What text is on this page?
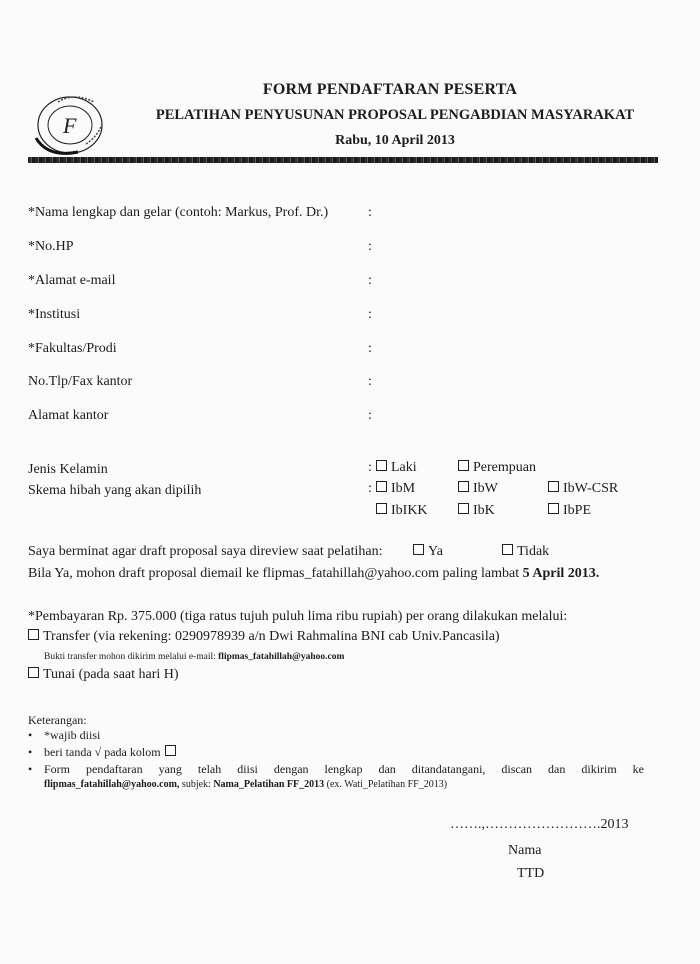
F
FORM PENDAFTARAN PESERTA
PELATIHAN PENYUSUNAN PROPOSAL PENGABDIAN MASYARAKAT
Rabu, 10 April 2013
*Nama lengkap dan gelar (contoh: Markus, Prof. Dr.)	:
*No.HP	:
*Alamat e-mail	:
*Institusi	:
*Fakultas/Prodi	:
No.Tlp/Fax kantor	:
Alamat kantor	:
Jenis Kelamin	:	Laki	Perempuan
Skema hibah yang akan dipilih	:	IbM	IbW	IbW-CSR
IbIKK	IbK	IbPE
Saya berminat agar draft proposal saya direview saat pelatihan:	Ya	Tidak
Bila Ya, mohon draft proposal diemail ke flipmas_fatahillah@yahoo.com paling lambat 5 April 2013.
*Pembayaran Rp. 375.000 (tiga ratus tujuh puluh lima ribu rupiah) per orang dilakukan melalui:
Transfer (via rekening: 0290978939 a/n Dwi Rahmalina BNI cab Univ.Pancasila)
Bukti transfer mohon dikirim melalui e-mail: flipmas_fatahillah@yahoo.com
Tunai (pada saat hari H)
Keterangan:
• *wajib diisi
• beri tanda √ pada kolom
• Form pendaftaran yang telah diisi dengan lengkap dan ditandatangani, discan dan dikirim ke
flipmas_fatahillah@yahoo.com, subjek: Nama_Pelatihan FF_2013 (ex. Wati_Pelatihan FF_2013)
…….,…………………….2013
Nama
TTD
